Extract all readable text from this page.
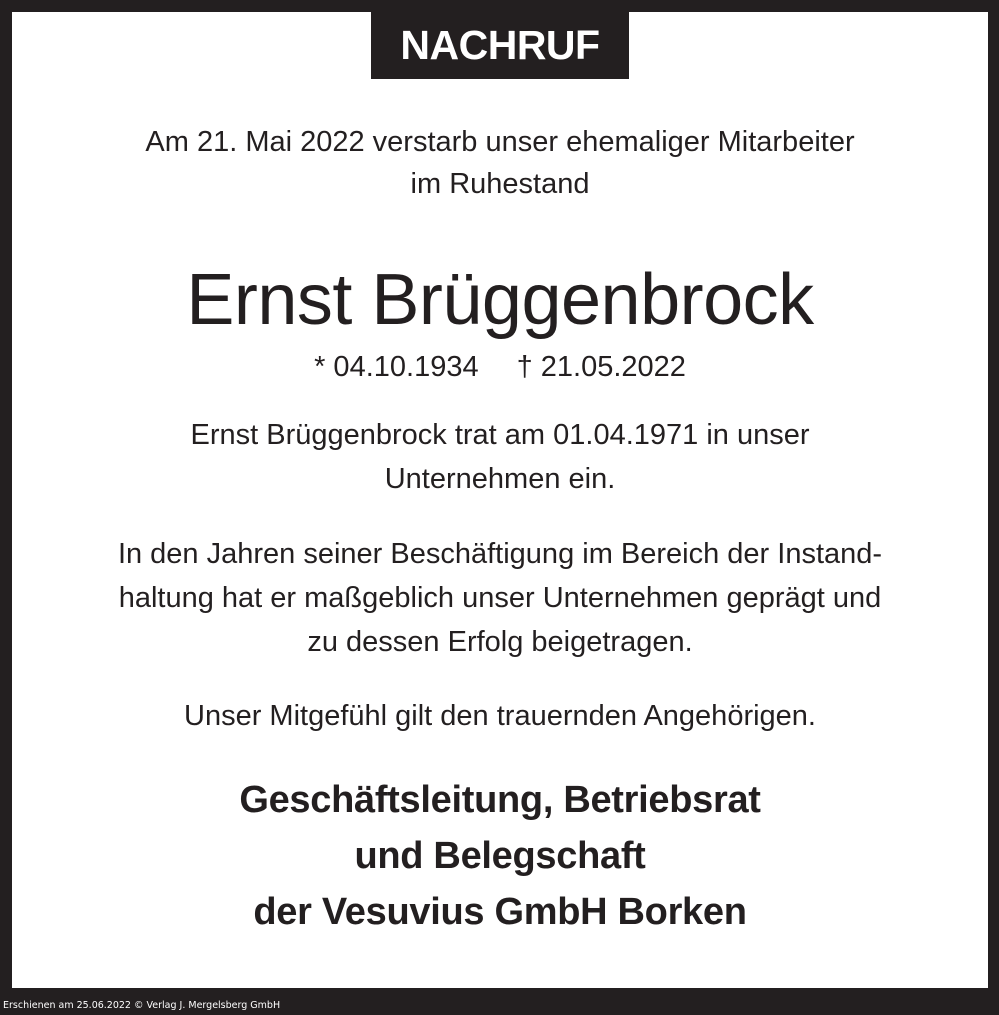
NACHRUF
Am 21. Mai 2022 verstarb unser ehemaliger Mitarbeiter
im Ruhestand
Ernst Brüggenbrock
* 04.10.1934 † 21.05.2022
Ernst Brüggenbrock trat am 01.04.1971 in unser
Unternehmen ein.
In den Jahren seiner Beschäftigung im Bereich der Instand-
haltung hat er maßgeblich unser Unternehmen geprägt und
zu dessen Erfolg beigetragen.
Unser Mitgefühl gilt den trauernden Angehörigen.
Geschäftsleitung, Betriebsrat
und Belegschaft
der Vesuvius GmbH Borken
Erschienen am 25.06.2022 © Verlag J. Mergelsberg GmbH
